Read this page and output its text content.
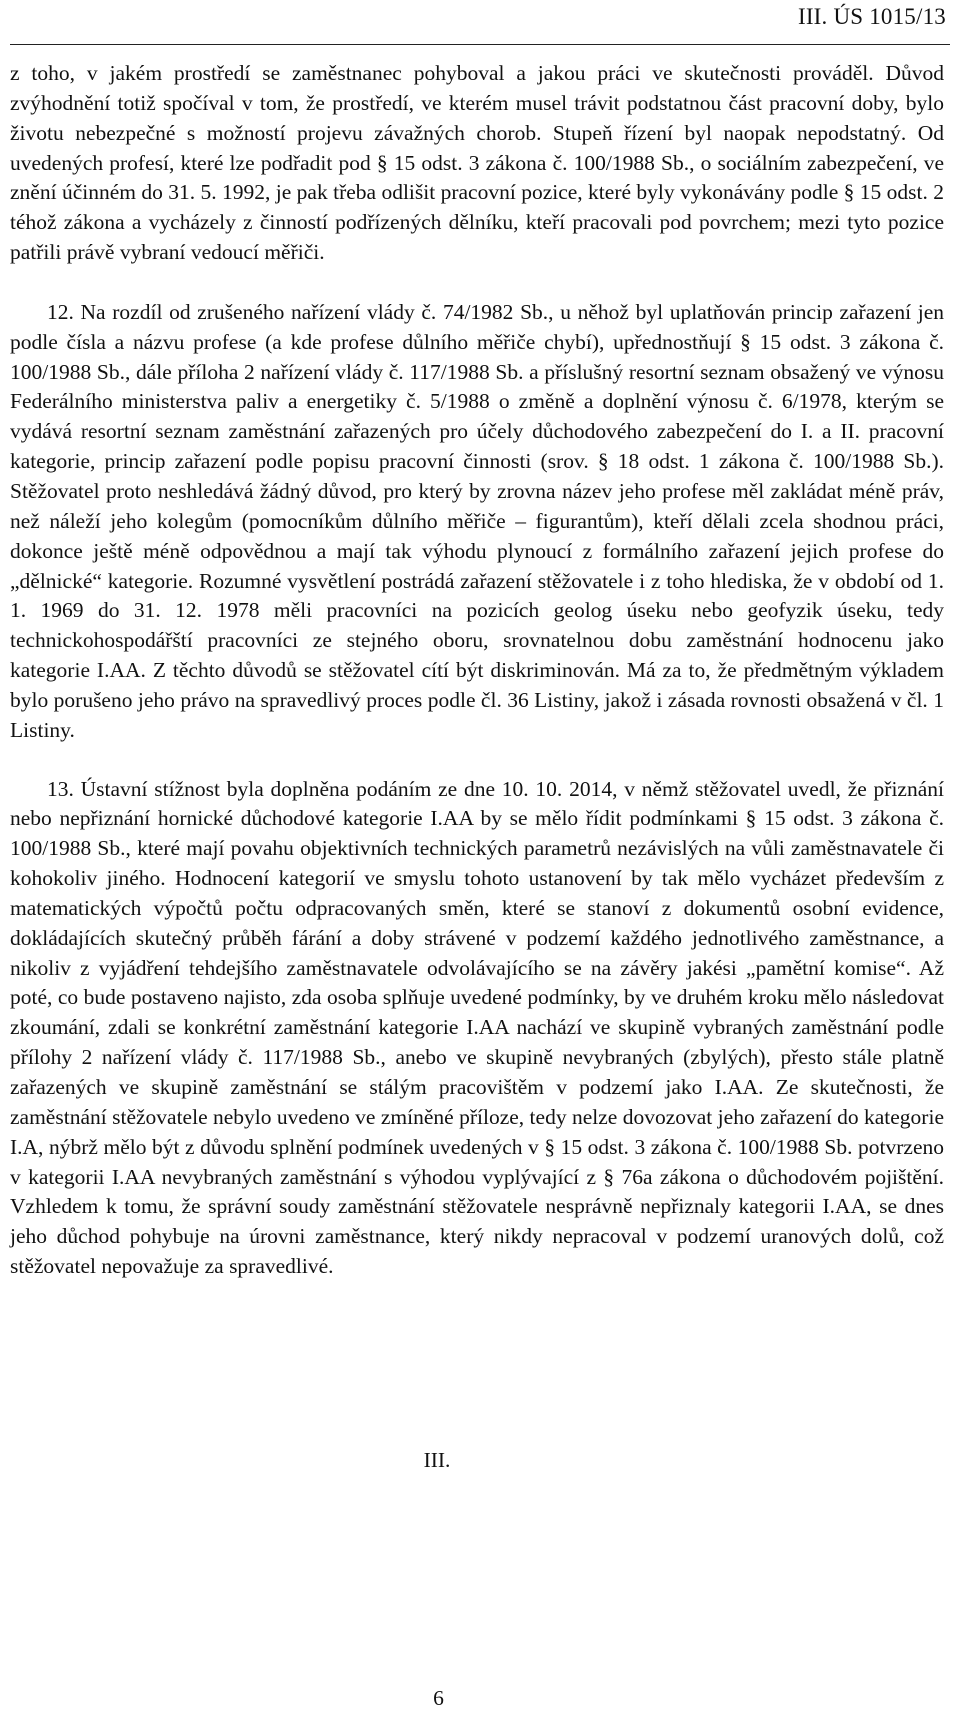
III. ÚS 1015/13

z toho, v jakém prostředí se zaměstnanec pohyboval a jakou práci ve skutečnosti prováděl. Důvod zvýhodnění totiž spočíval v tom, že prostředí, ve kterém musel trávit podstatnou část pracovní doby, bylo životu nebezpečné s možností projevu závažných chorob. Stupeň řízení byl naopak nepodstatný. Od uvedených profesí, které lze podřadit pod § 15 odst. 3 zákona č. 100/1988 Sb., o sociálním zabezpečení, ve znění účinném do 31. 5. 1992, je pak třeba odlišit pracovní pozice, které byly vykonávány podle § 15 odst. 2 téhož zákona a vycházely z činností podřízených dělníku, kteří pracovali pod povrchem; mezi tyto pozice patřili právě vybraní vedoucí měřiči.

12. Na rozdíl od zrušeného nařízení vlády č. 74/1982 Sb., u něhož byl uplatňován princip zařazení jen podle čísla a názvu profese (a kde profese důlního měřiče chybí), upřednostňují § 15 odst. 3 zákona č. 100/1988 Sb., dále příloha 2 nařízení vlády č. 117/1988 Sb. a příslušný resortní seznam obsažený ve výnosu Federálního ministerstva paliv a energetiky č. 5/1988 o změně a doplnění výnosu č. 6/1978, kterým se vydává resortní seznam zaměstnání zařazených pro účely důchodového zabezpečení do I. a II. pracovní kategorie, princip zařazení podle popisu pracovní činnosti (srov. § 18 odst. 1 zákona č. 100/1988 Sb.). Stěžovatel proto neshledává žádný důvod, pro který by zrovna název jeho profese měl zakládat méně práv, než náleží jeho kolegům (pomocníkům důlního měřiče – figurantům), kteří dělali zcela shodnou práci, dokonce ještě méně odpovědnou a mají tak výhodu plynoucí z formálního zařazení jejich profese do „dělnické“ kategorie. Rozumné vysvětlení postrádá zařazení stěžovatele i z toho hlediska, že v období od 1. 1. 1969 do 31. 12. 1978 měli pracovníci na pozicích geolog úseku nebo geofyzik úseku, tedy technickohospodářští pracovníci ze stejného oboru, srovnatelnou dobu zaměstnání hodnocenu jako kategorie I.AA. Z těchto důvodů se stěžovatel cítí být diskriminován. Má za to, že předmětným výkladem bylo porušeno jeho právo na spravedlivý proces podle čl. 36 Listiny, jakož i zásada rovnosti obsažená v čl. 1 Listiny.

13. Ústavní stížnost byla doplněna podáním ze dne 10. 10. 2014, v němž stěžovatel uvedl, že přiznání nebo nepřiznání hornické důchodové kategorie I.AA by se mělo řídit podmínkami § 15 odst. 3 zákona č. 100/1988 Sb., které mají povahu objektivních technických parametrů nezávislých na vůli zaměstnavatele či kohokoliv jiného. Hodnocení kategorií ve smyslu tohoto ustanovení by tak mělo vycházet především z matematických výpočtů počtu odpracovaných směn, které se stanoví z dokumentů osobní evidence, dokládajících skutečný průběh fárání a doby strávené v podzemí každého jednotlivého zaměstnance, a nikoliv z vyjádření tehdejšího zaměstnavatele odvolávajícího se na závěry jakési „pamětní komise“. Až poté, co bude postaveno najisto, zda osoba splňuje uvedené podmínky, by ve druhém kroku mělo následovat zkoumání, zdali se konkrétní zaměstnání kategorie I.AA nachází ve skupině vybraných zaměstnání podle přílohy 2 nařízení vlády č. 117/1988 Sb., anebo ve skupině nevybraných (zbylých), přesto stále platně zařazených ve skupině zaměstnání se stálým pracovištěm v podzemí jako I.AA. Ze skutečnosti, že zaměstnání stěžovatele nebylo uvedeno ve zmíněné příloze, tedy nelze dovozovat jeho zařazení do kategorie I.A, nýbrž mělo být z důvodu splnění podmínek uvedených v § 15 odst. 3 zákona č. 100/1988 Sb. potvrzeno v kategorii I.AA nevybraných zaměstnání s výhodou vyplývající z § 76a zákona o důchodovém pojištění. Vzhledem k tomu, že správní soudy zaměstnání stěžovatele nesprávně nepřiznaly kategorii I.AA, se dnes jeho důchod pohybuje na úrovni zaměstnance, který nikdy nepracoval v podzemí uranových dolů, což stěžovatel nepovažuje za spravedlivé.

III.
6
